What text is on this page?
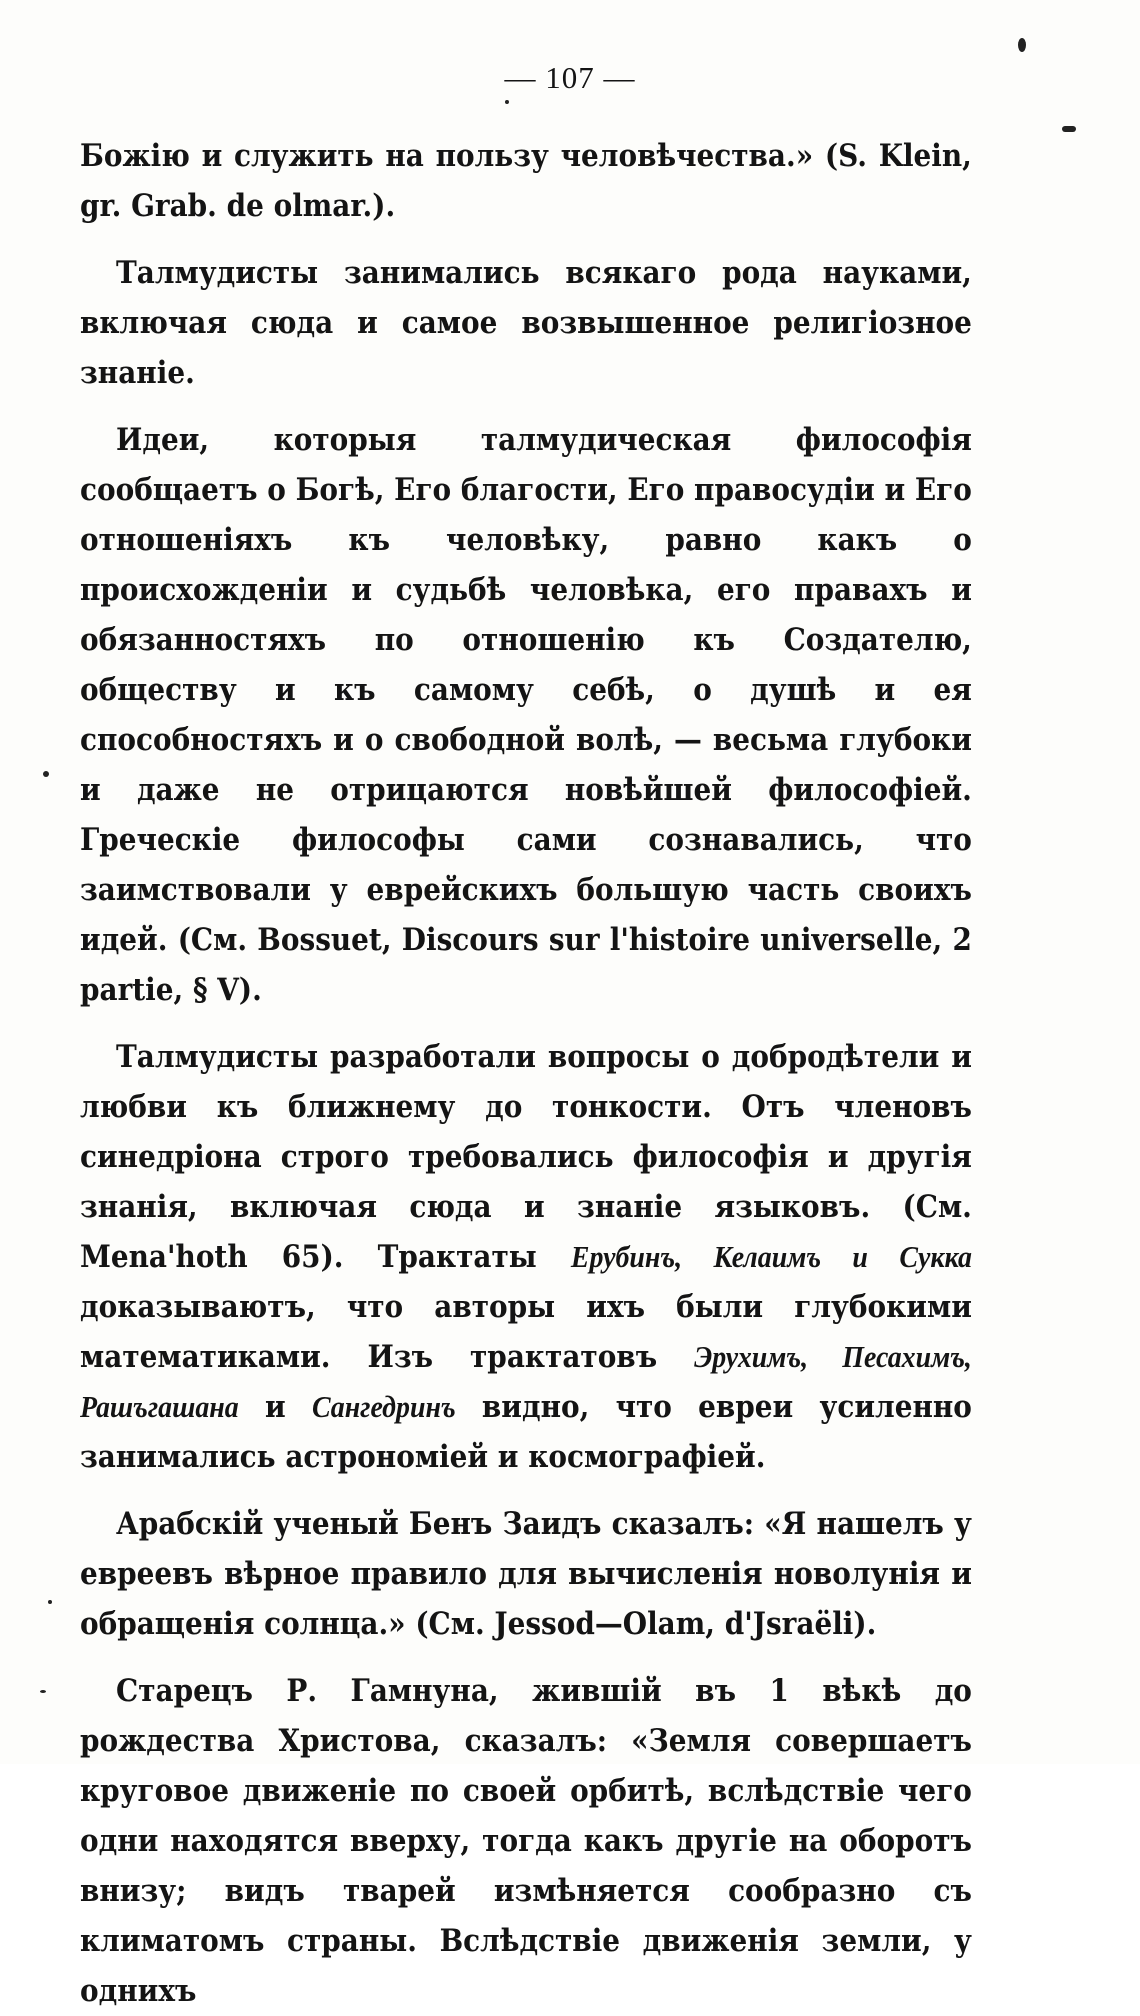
— 107 —

Божію и служить на пользу человѣчества.» (S. Klein, gr. Grab. de olmar.).

Талмудисты занимались всякаго рода науками, включая сюда и самое возвышенное религіозное знаніе.

Идеи, которыя талмудическая философія сообщаетъ о Богѣ, Его благости, Его правосудіи и Его отношеніяхъ къ человѣку, равно какъ о происхожденіи и судьбѣ человѣка, его правахъ и обязанностяхъ по отношенію къ Создателю, обществу и къ самому себѣ, о душѣ и ея способностяхъ и о свободной волѣ, — весьма глубоки и даже не отрицаются новѣйшей философіей. Греческіе философы сами сознавались, что заимствовали у еврейскихъ большую часть своихъ идей. (См. Bossuet, Discours sur l'histoire universelle, 2 partie, § V).

Талмудисты разработали вопросы о добродѣтели и любви къ ближнему до тонкости. Отъ членовъ синедріона строго требовались философія и другія знанія, включая сюда и знаніе языковъ. (См. Mena'hoth 65). Трактаты Ерубинъ, Келаимъ и Сукка доказываютъ, что авторы ихъ были глубокими математиками. Изъ трактатовъ Эрухимъ, Песахимъ, Рашъгашана и Сангедринъ видно, что евреи усиленно занимались астрономіей и космографіей.

Арабскій ученый Бенъ Заидъ сказалъ: «Я нашелъ у евреевъ вѣрное правило для вычисленія новолунія и обращенія солнца.» (См. Jessod—Olam, d'Jsraëli).

Старецъ Р. Гамнуна, жившій въ 1 вѣкѣ до рождества Христова, сказалъ: «Земля совершаетъ круговое движеніе по своей орбитѣ, вслѣдствіе чего одни находятся вверху, тогда какъ другіе на оборотъ внизу; видъ тварей измѣняется сообразно съ климатомъ страны. Вслѣдствіе движенія земли, у однихъ
